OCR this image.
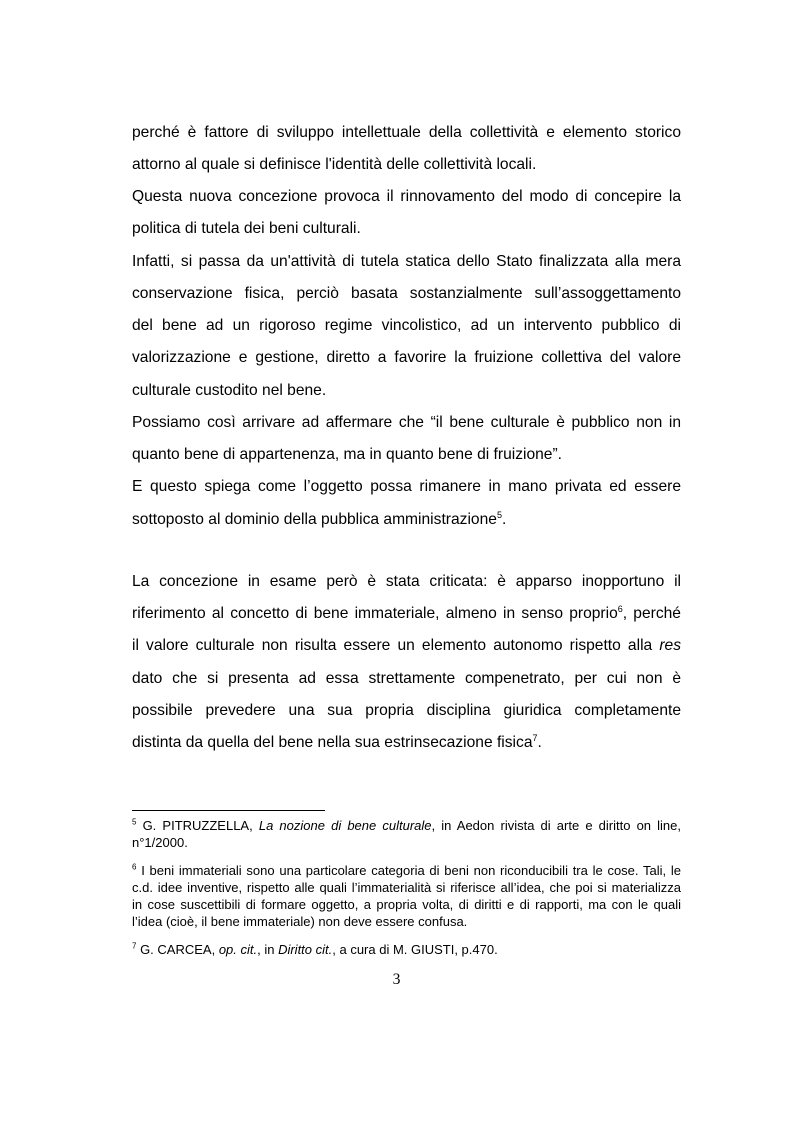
perché è fattore di sviluppo intellettuale della collettività e elemento storico
attorno al quale si definisce l'identità delle collettività locali.
Questa nuova concezione provoca il rinnovamento del modo di concepire la
politica di tutela dei beni culturali.
Infatti, si passa da un'attività di tutela statica dello Stato finalizzata alla mera
conservazione fisica, perciò basata sostanzialmente sull’assoggettamento
del bene ad un rigoroso regime vincolistico, ad un intervento pubblico di
valorizzazione e gestione, diretto a favorire la fruizione collettiva del valore
culturale custodito nel bene.
Possiamo così arrivare ad affermare che “il bene culturale è pubblico non in
quanto bene di appartenenza, ma in quanto bene di fruizione”.
E questo spiega come l’oggetto possa rimanere in mano privata ed essere
sottoposto al dominio della pubblica amministrazione$^5$.
La concezione in esame però è stata criticata: è apparso inopportuno il
riferimento al concetto di bene immateriale, almeno in senso proprio$^6$, perché
il valore culturale non risulta essere un elemento autonomo rispetto alla res
dato che si presenta ad essa strettamente compenetrato, per cui non è
possibile prevedere una sua propria disciplina giuridica completamente
distinta da quella del bene nella sua estrinsecazione fisica$^7$.
$^5$ G. PITRUZZELLA, La nozione di bene culturale, in Aedon rivista di arte e diritto on line,
n°1/2000.
$^6$ I beni immateriali sono una particolare categoria di beni non riconducibili tra le cose. Tali, le
c.d. idee inventive, rispetto alle quali l’immaterialità si riferisce all’idea, che poi si materializza
in cose suscettibili di formare oggetto, a propria volta, di diritti e di rapporti, ma con le quali
l’idea (cioè, il bene immateriale) non deve essere confusa.
$^7$ G. CARCEA, op. cit., in Diritto cit., a cura di M. GIUSTI, p.470.
3
